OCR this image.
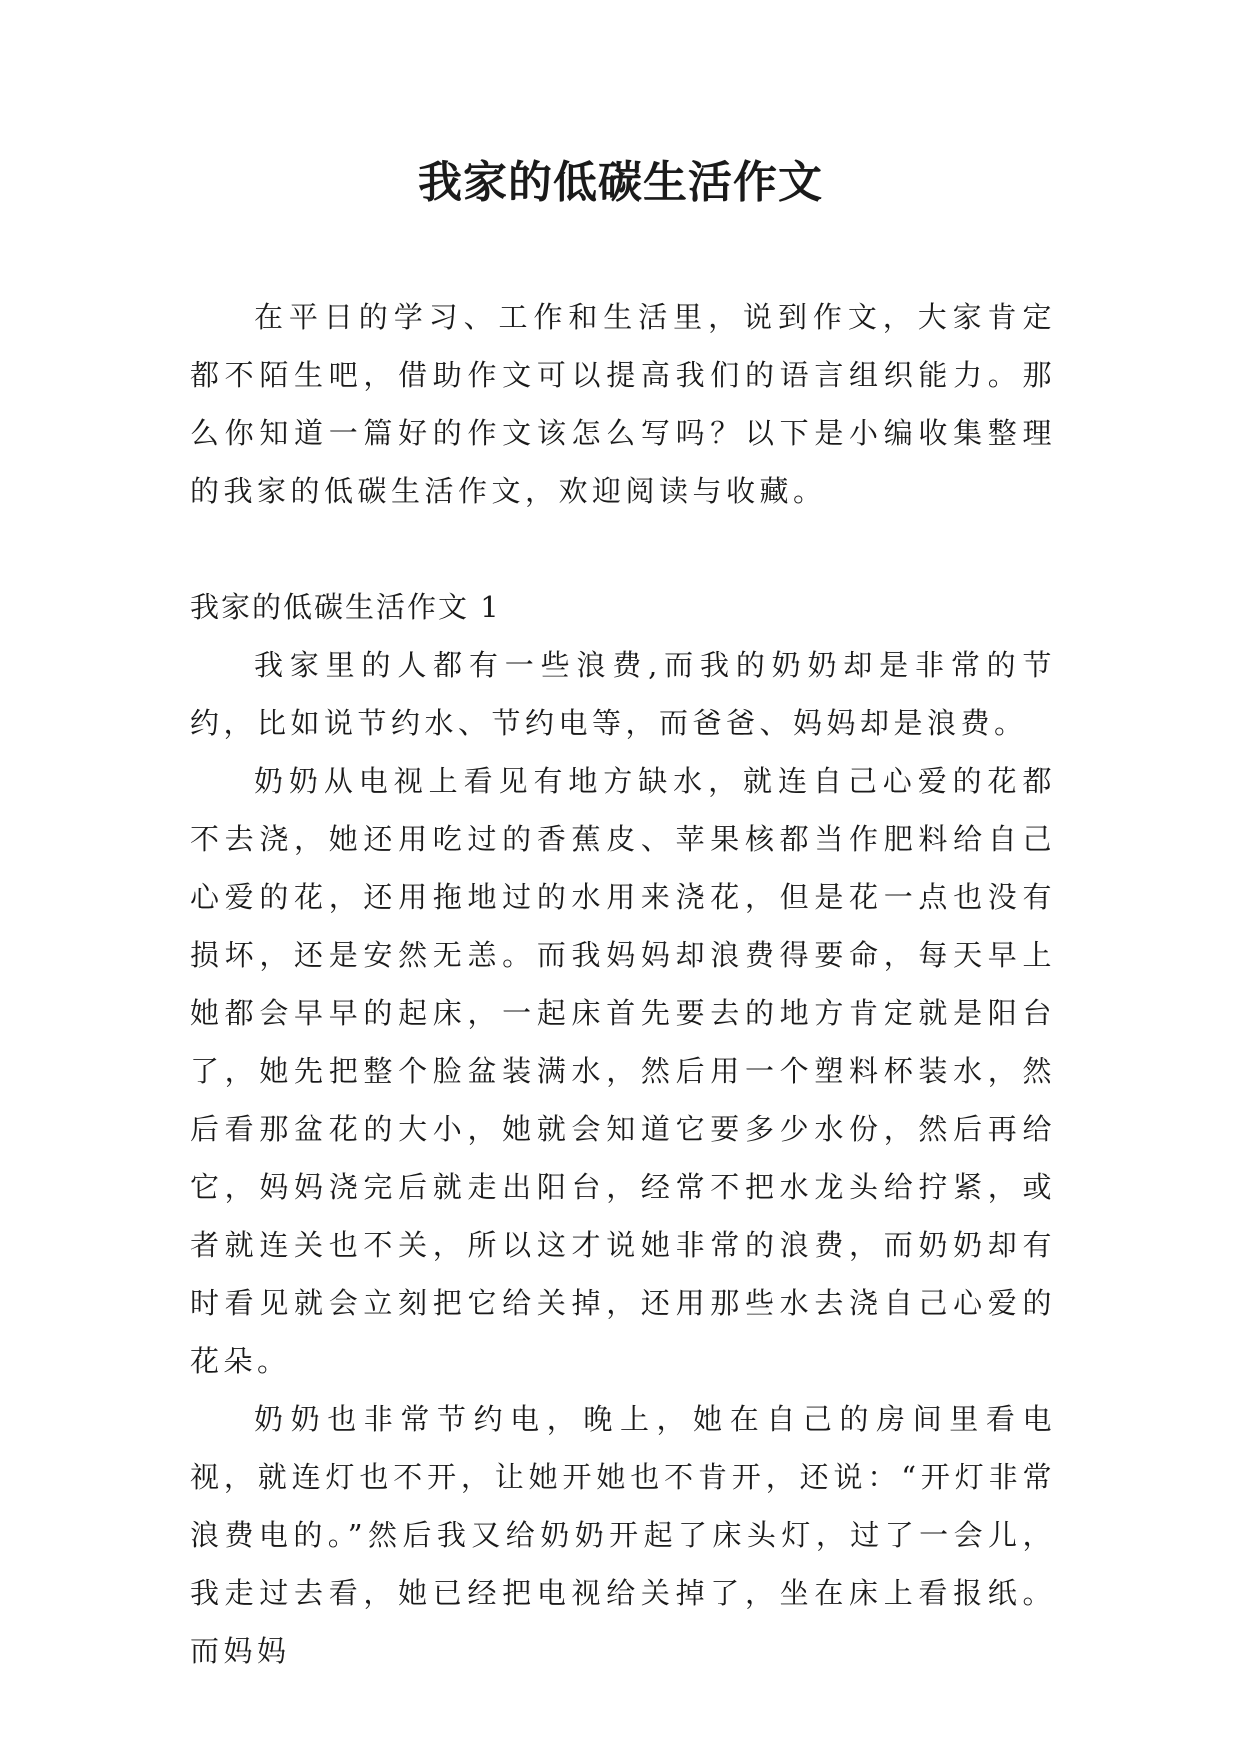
我家的低碳生活作文

在平日的学习、工作和生活里，说到作文，大家肯定都不陌生吧，借助作文可以提高我们的语言组织能力。那么你知道一篇好的作文该怎么写吗？以下是小编收集整理的我家的低碳生活作文，欢迎阅读与收藏。

我家的低碳生活作文 1

我家里的人都有一些浪费,而我的奶奶却是非常的节约，比如说节约水、节约电等，而爸爸、妈妈却是浪费。

奶奶从电视上看见有地方缺水，就连自己心爱的花都不去浇，她还用吃过的香蕉皮、苹果核都当作肥料给自己心爱的花，还用拖地过的水用来浇花，但是花一点也没有损坏，还是安然无恙。而我妈妈却浪费得要命，每天早上她都会早早的起床，一起床首先要去的地方肯定就是阳台了，她先把整个脸盆装满水，然后用一个塑料杯装水，然后看那盆花的大小，她就会知道它要多少水份，然后再给它，妈妈浇完后就走出阳台，经常不把水龙头给拧紧，或者就连关也不关，所以这才说她非常的浪费，而奶奶却有时看见就会立刻把它给关掉，还用那些水去浇自己心爱的花朵。

奶奶也非常节约电，晚上，她在自己的房间里看电视，就连灯也不开，让她开她也不肯开，还说：“开灯非常浪费电的。”然后我又给奶奶开起了床头灯，过了一会儿，我走过去看，她已经把电视给关掉了，坐在床上看报纸。而妈妈
